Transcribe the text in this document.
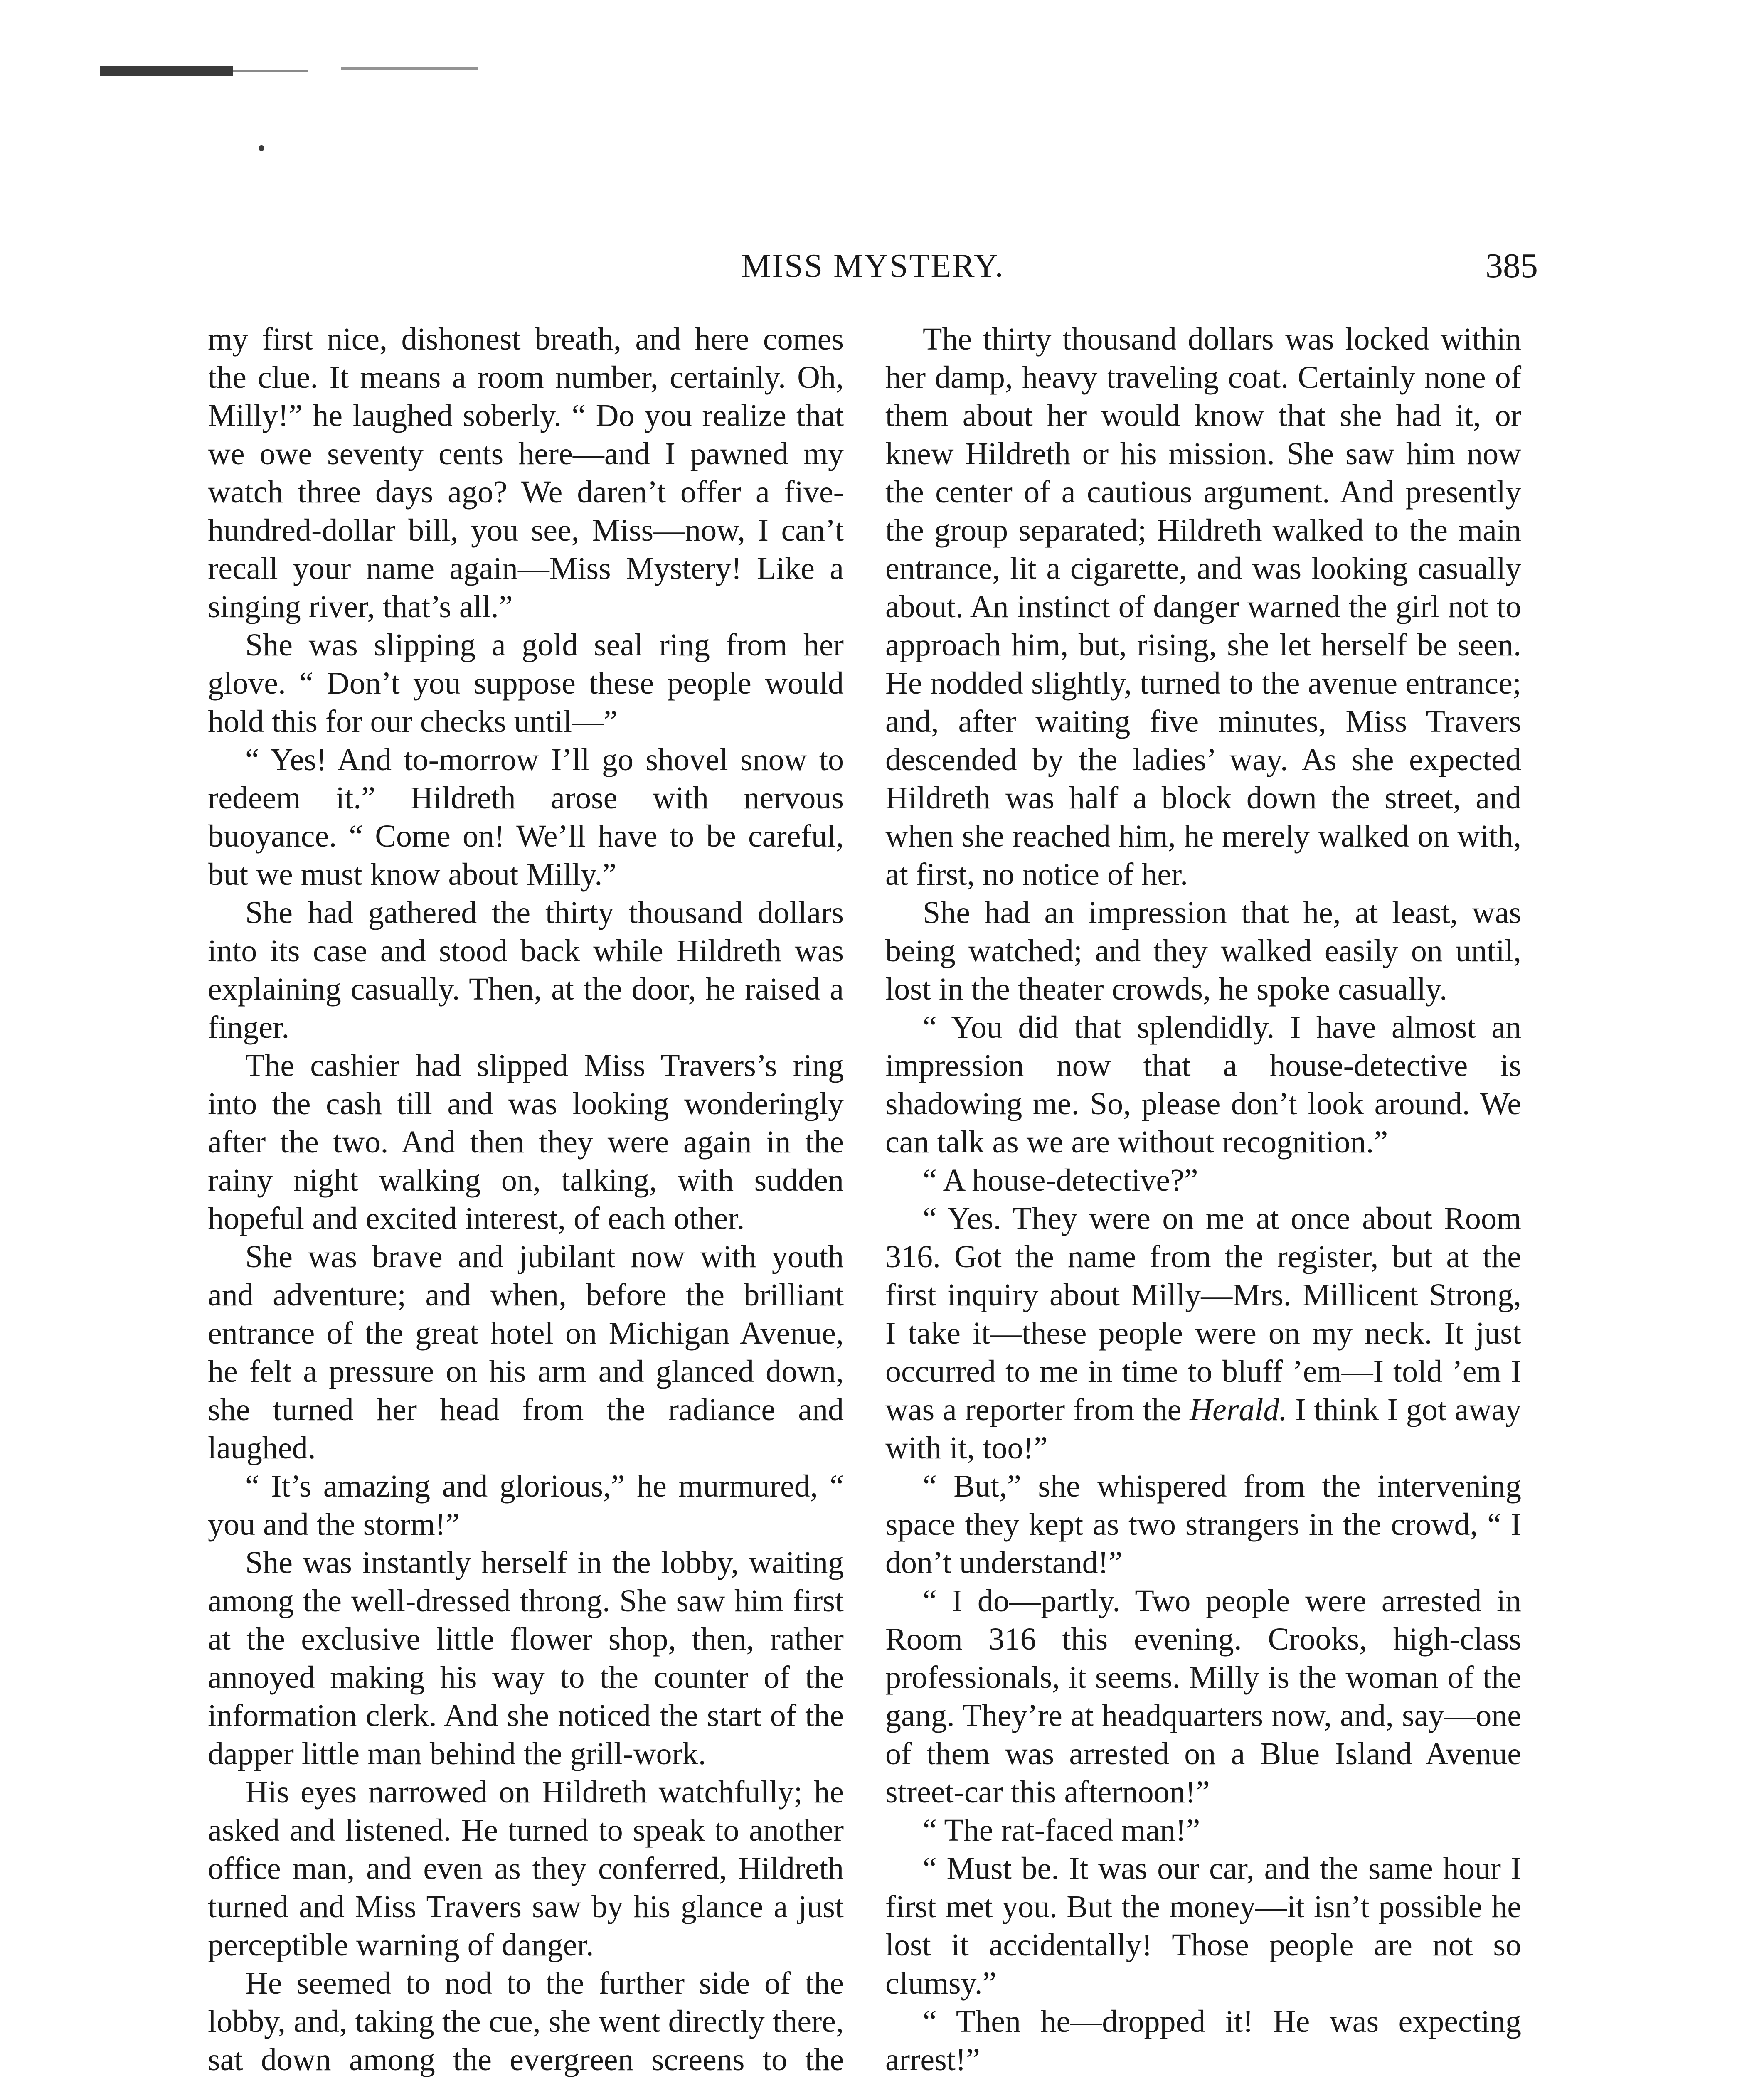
MISS MYSTERY.	385

my first nice, dishonest breath, and here comes the clue. It means a room number, certainly. Oh, Milly!” he laughed soberly. “ Do you realize that we owe seventy cents here—and I pawned my watch three days ago? We daren’t offer a five-hundred-dollar bill, you see, Miss—now, I can’t recall your name again—Miss Mystery! Like a singing river, that’s all.”

She was slipping a gold seal ring from her glove. “ Don’t you suppose these people would hold this for our checks until—”

“ Yes! And to-morrow I’ll go shovel snow to redeem it.” Hildreth arose with nervous buoyance. “ Come on! We’ll have to be careful, but we must know about Milly.”

She had gathered the thirty thousand dollars into its case and stood back while Hildreth was explaining casually. Then, at the door, he raised a finger.

The cashier had slipped Miss Travers’s ring into the cash till and was looking wonderingly after the two. And then they were again in the rainy night walking on, talking, with sudden hopeful and excited interest, of each other.

She was brave and jubilant now with youth and adventure; and when, before the brilliant entrance of the great hotel on Michigan Avenue, he felt a pressure on his arm and glanced down, she turned her head from the radiance and laughed.

“ It’s amazing and glorious,” he murmured, “ you and the storm!”

She was instantly herself in the lobby, waiting among the well-dressed throng. She saw him first at the exclusive little flower shop, then, rather annoyed making his way to the counter of the information clerk. And she noticed the start of the dapper little man behind the grill-work.

His eyes narrowed on Hildreth watchfully; he asked and listened. He turned to speak to another office man, and even as they conferred, Hildreth turned and Miss Travers saw by his glance a just perceptible warning of danger.

He seemed to nod to the further side of the lobby, and, taking the cue, she went directly there, sat down among the evergreen screens to the

The thirty thousand dollars was locked within her damp, heavy traveling coat. Certainly none of them about her would know that she had it, or knew Hildreth or his mission. She saw him now the center of a cautious argument. And presently the group separated; Hildreth walked to the main entrance, lit a cigarette, and was looking casually about. An instinct of danger warned the girl not to approach him, but, rising, she let herself be seen. He nodded slightly, turned to the avenue entrance; and, after waiting five minutes, Miss Travers descended by the ladies’ way. As she expected Hildreth was half a block down the street, and when she reached him, he merely walked on with, at first, no notice of her.

She had an impression that he, at least, was being watched; and they walked easily on until, lost in the theater crowds, he spoke casually.

“ You did that splendidly. I have almost an impression now that a house-detective is shadowing me. So, please don’t look around. We can talk as we are without recognition.”

“ A house-detective?”

“ Yes. They were on me at once about Room 316. Got the name from the register, but at the first inquiry about Milly—Mrs. Millicent Strong, I take it—these people were on my neck. It just occurred to me in time to bluff ’em—I told ’em I was a reporter from the Herald. I think I got away with it, too!”

“ But,” she whispered from the intervening space they kept as two strangers in the crowd, “ I don’t understand!”

“ I do—partly. Two people were arrested in Room 316 this evening. Crooks, high-class professionals, it seems. Milly is the woman of the gang. They’re at headquarters now, and, say—one of them was arrested on a Blue Island Avenue street-car this afternoon!”

“ The rat-faced man!”

“ Must be. It was our car, and the same hour I first met you. But the money—it isn’t possible he lost it accidentally! Those people are not so clumsy.”

“ Then he—dropped it! He was expecting arrest!”
